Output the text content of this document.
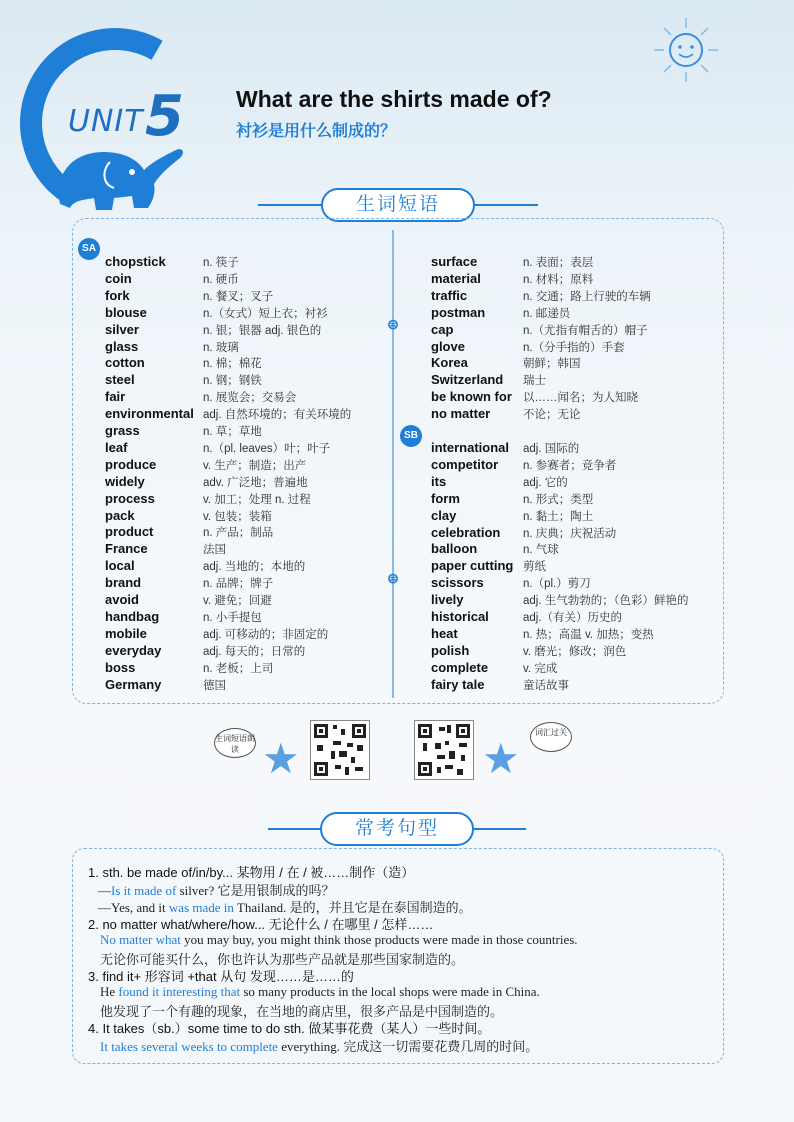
UNIT 5 What are the shirts made of?
衬衫是用什么制成的？
生词短语
⊜
⊜
SA
SB
chopstick	n. 筷子
coin	n. 硬币
fork	n. 餐叉；叉子
blouse	n.（女式）短上衣；衬衫
silver	n. 银；银器 adj. 银色的
glass	n. 玻璃
cotton	n. 棉；棉花
steel	n. 钢；钢铁
fair	n. 展览会；交易会
environmental adj. 自然环境的；有关环境的
grass	n. 草；草地
leaf	n.（pl. leaves）叶；叶子
produce	v. 生产；制造；出产
widely	adv. 广泛地；普遍地
process	v. 加工；处理 n. 过程
pack	v. 包装；装箱
product	n. 产品；制品
France	法国
local	adj. 当地的；本地的
brand	n. 品牌；牌子
avoid	v. 避免；回避
handbag	n. 小手提包
mobile	adj. 可移动的；非固定的
everyday	adj. 每天的；日常的
boss	n. 老板；上司
Germany	德国
surface	n. 表面；表层
material	n. 材料；原料
traffic	n. 交通；路上行驶的车辆
postman	n. 邮递员
cap	n.（尤指有帽舌的）帽子
glove	n.（分手指的）手套
Korea	朝鲜；韩国
Switzerland 瑞士
be known for 以……闻名；为人知晓
no matter	不论；无论
international adj. 国际的
competitor n. 参赛者；竞争者
its	adj. 它的
form	n. 形式；类型
clay	n. 黏土；陶土
celebration n. 庆典；庆祝活动
balloon	n. 气球
paper cutting 剪纸
scissors	n.（pl.）剪刀
lively	adj. 生气勃勃的；（色彩）鲜艳的
historical	adj.（有关）历史的
heat	n. 热；高温 v. 加热；变热
polish	v. 磨光；修改；润色
complete	v. 完成
fairy tale	童话故事
生词短语朗读 ★	★
词汇过关
常考句型
1. sth. be made of/in/by... 某物用 / 在 / 被……制作（造）
—Is it made of silver? 它是用银制成的吗？
—Yes, and it was made in Thailand. 是的，并且它是在泰国制造的。
2. no matter what/where/how... 无论什么 / 在哪里 / 怎样……
No matter what you may buy, you might think those products were made in those countries.
无论你可能买什么，你也许认为那些产品就是那些国家制造的。
3. find it+ 形容词 +that 从句 发现……是……的
He found it interesting that so many products in the local shops were made in China.
他发现了一个有趣的现象，在当地的商店里，很多产品是中国制造的。
4. It takes（sb.）some time to do sth. 做某事花费（某人）一些时间。
It takes several weeks to complete everything. 完成这一切需要花费几周的时间。
